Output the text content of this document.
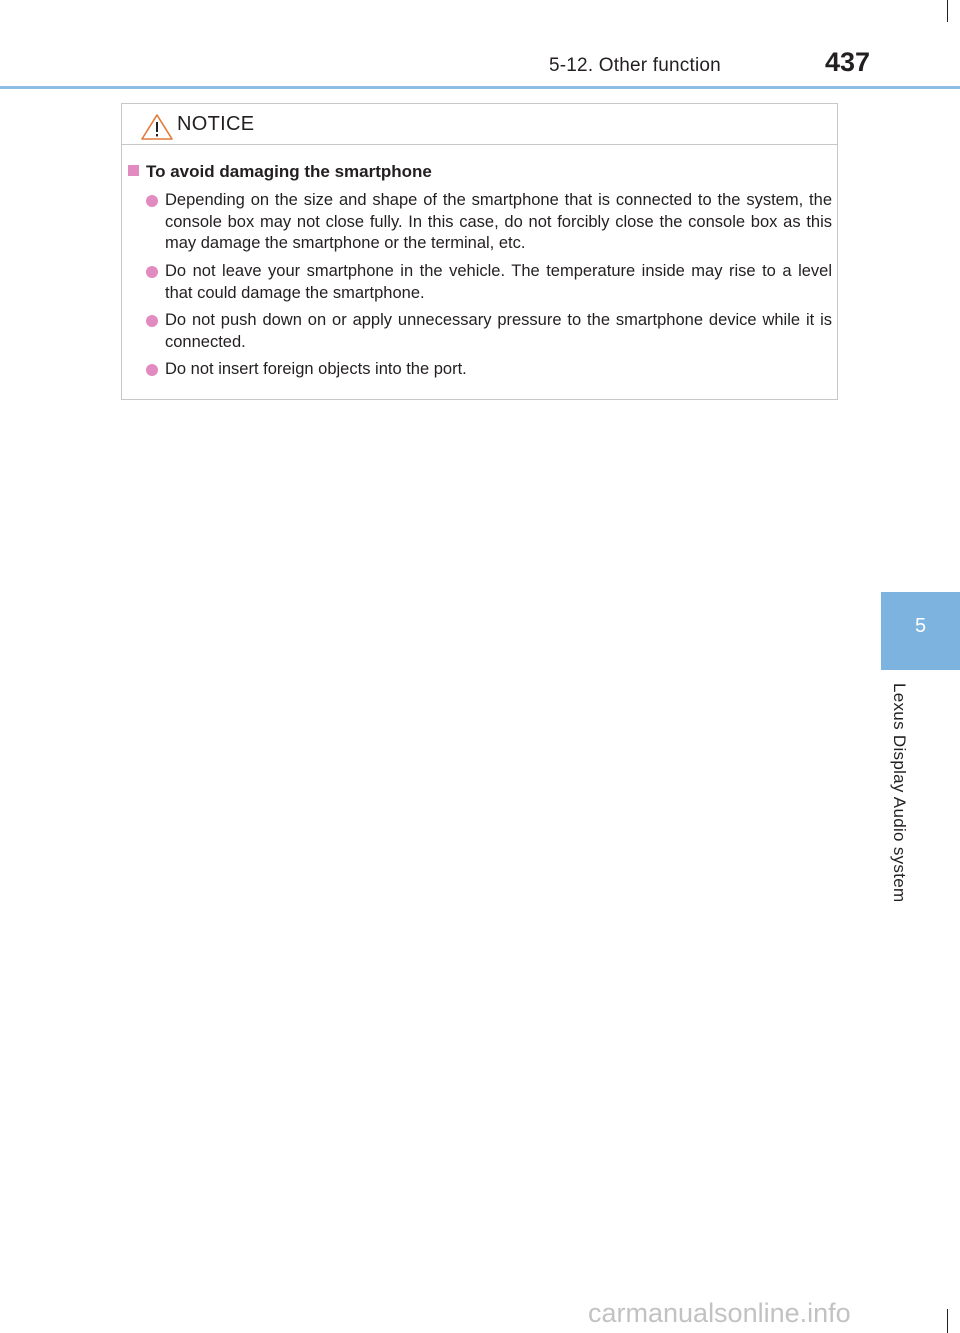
5-12. Other function	437
NOTICE
To avoid damaging the smartphone
Depending on the size and shape of the smartphone that is connected to the system, the console box may not close fully. In this case, do not forcibly close the console box as this may damage the smartphone or the terminal, etc.
Do not leave your smartphone in the vehicle. The temperature inside may rise to a level that could damage the smartphone.
Do not push down on or apply unnecessary pressure to the smartphone device while it is connected.
Do not insert foreign objects into the port.
5
Lexus Display Audio system
carmanualsonline.info
